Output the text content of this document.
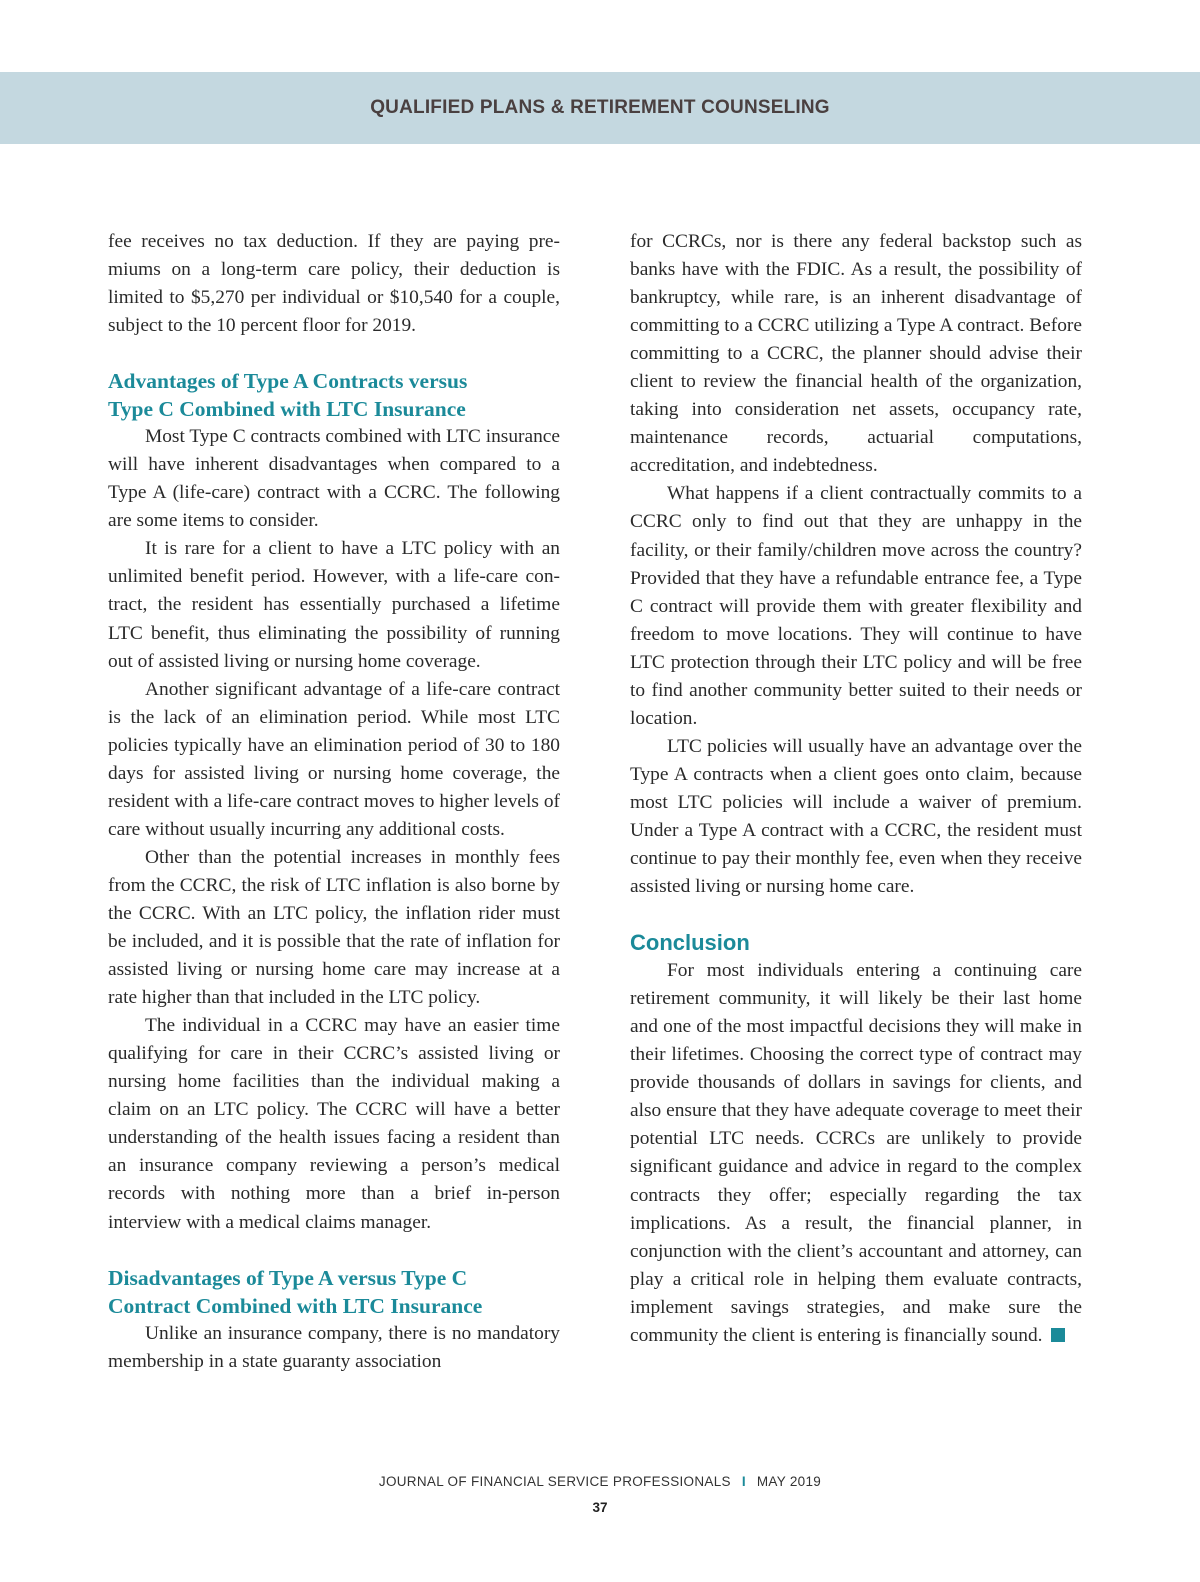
QUALIFIED PLANS & RETIREMENT COUNSELING

fee receives no tax deduction. If they are paying premiums on a long-term care policy, their deduction is limited to $5,270 per individual or $10,540 for a couple, subject to the 10 percent floor for 2019.

Advantages of Type A Contracts versus
Type C Combined with LTC Insurance

Most Type C contracts combined with LTC insurance will have inherent disadvantages when compared to a Type A (life-care) contract with a CCRC. The following are some items to consider.

It is rare for a client to have a LTC policy with an unlimited benefit period. However, with a life-care contract, the resident has essentially purchased a lifetime LTC benefit, thus eliminating the possibility of running out of assisted living or nursing home coverage.

Another significant advantage of a life-care contract is the lack of an elimination period. While most LTC policies typically have an elimination period of 30 to 180 days for assisted living or nursing home coverage, the resident with a life-care contract moves to higher levels of care without usually incurring any additional costs.

Other than the potential increases in monthly fees from the CCRC, the risk of LTC inflation is also borne by the CCRC. With an LTC policy, the inflation rider must be included, and it is possible that the rate of inflation for assisted living or nursing home care may increase at a rate higher than that included in the LTC policy.

The individual in a CCRC may have an easier time qualifying for care in their CCRC’s assisted living or nursing home facilities than the individual making a claim on an LTC policy. The CCRC will have a better understanding of the health issues facing a resident than an insurance company reviewing a person’s medical records with nothing more than a brief in-person interview with a medical claims manager.

Disadvantages of Type A versus Type C
Contract Combined with LTC Insurance

Unlike an insurance company, there is no mandatory membership in a state guaranty association

for CCRCs, nor is there any federal backstop such as banks have with the FDIC. As a result, the possibility of bankruptcy, while rare, is an inherent disadvantage of committing to a CCRC utilizing a Type A contract. Before committing to a CCRC, the planner should advise their client to review the financial health of the organization, taking into consideration net assets, occupancy rate, maintenance records, actuarial computations, accreditation, and indebtedness.

What happens if a client contractually commits to a CCRC only to find out that they are unhappy in the facility, or their family/children move across the country? Provided that they have a refundable entrance fee, a Type C contract will provide them with greater flexibility and freedom to move locations. They will continue to have LTC protection through their LTC policy and will be free to find another community better suited to their needs or location.

LTC policies will usually have an advantage over the Type A contracts when a client goes onto claim, because most LTC policies will include a waiver of premium. Under a Type A contract with a CCRC, the resident must continue to pay their monthly fee, even when they receive assisted living or nursing home care.

Conclusion

For most individuals entering a continuing care retirement community, it will likely be their last home and one of the most impactful decisions they will make in their lifetimes. Choosing the correct type of contract may provide thousands of dollars in savings for clients, and also ensure that they have adequate coverage to meet their potential LTC needs. CCRCs are unlikely to provide significant guidance and advice in regard to the complex contracts they offer; especially regarding the tax implications. As a result, the financial planner, in conjunction with the client’s accountant and attorney, can play a critical role in helping them evaluate contracts, implement savings strategies, and make sure the community the client is entering is financially sound.

JOURNAL OF FINANCIAL SERVICE PROFESSIONALS I MAY 2019
37
